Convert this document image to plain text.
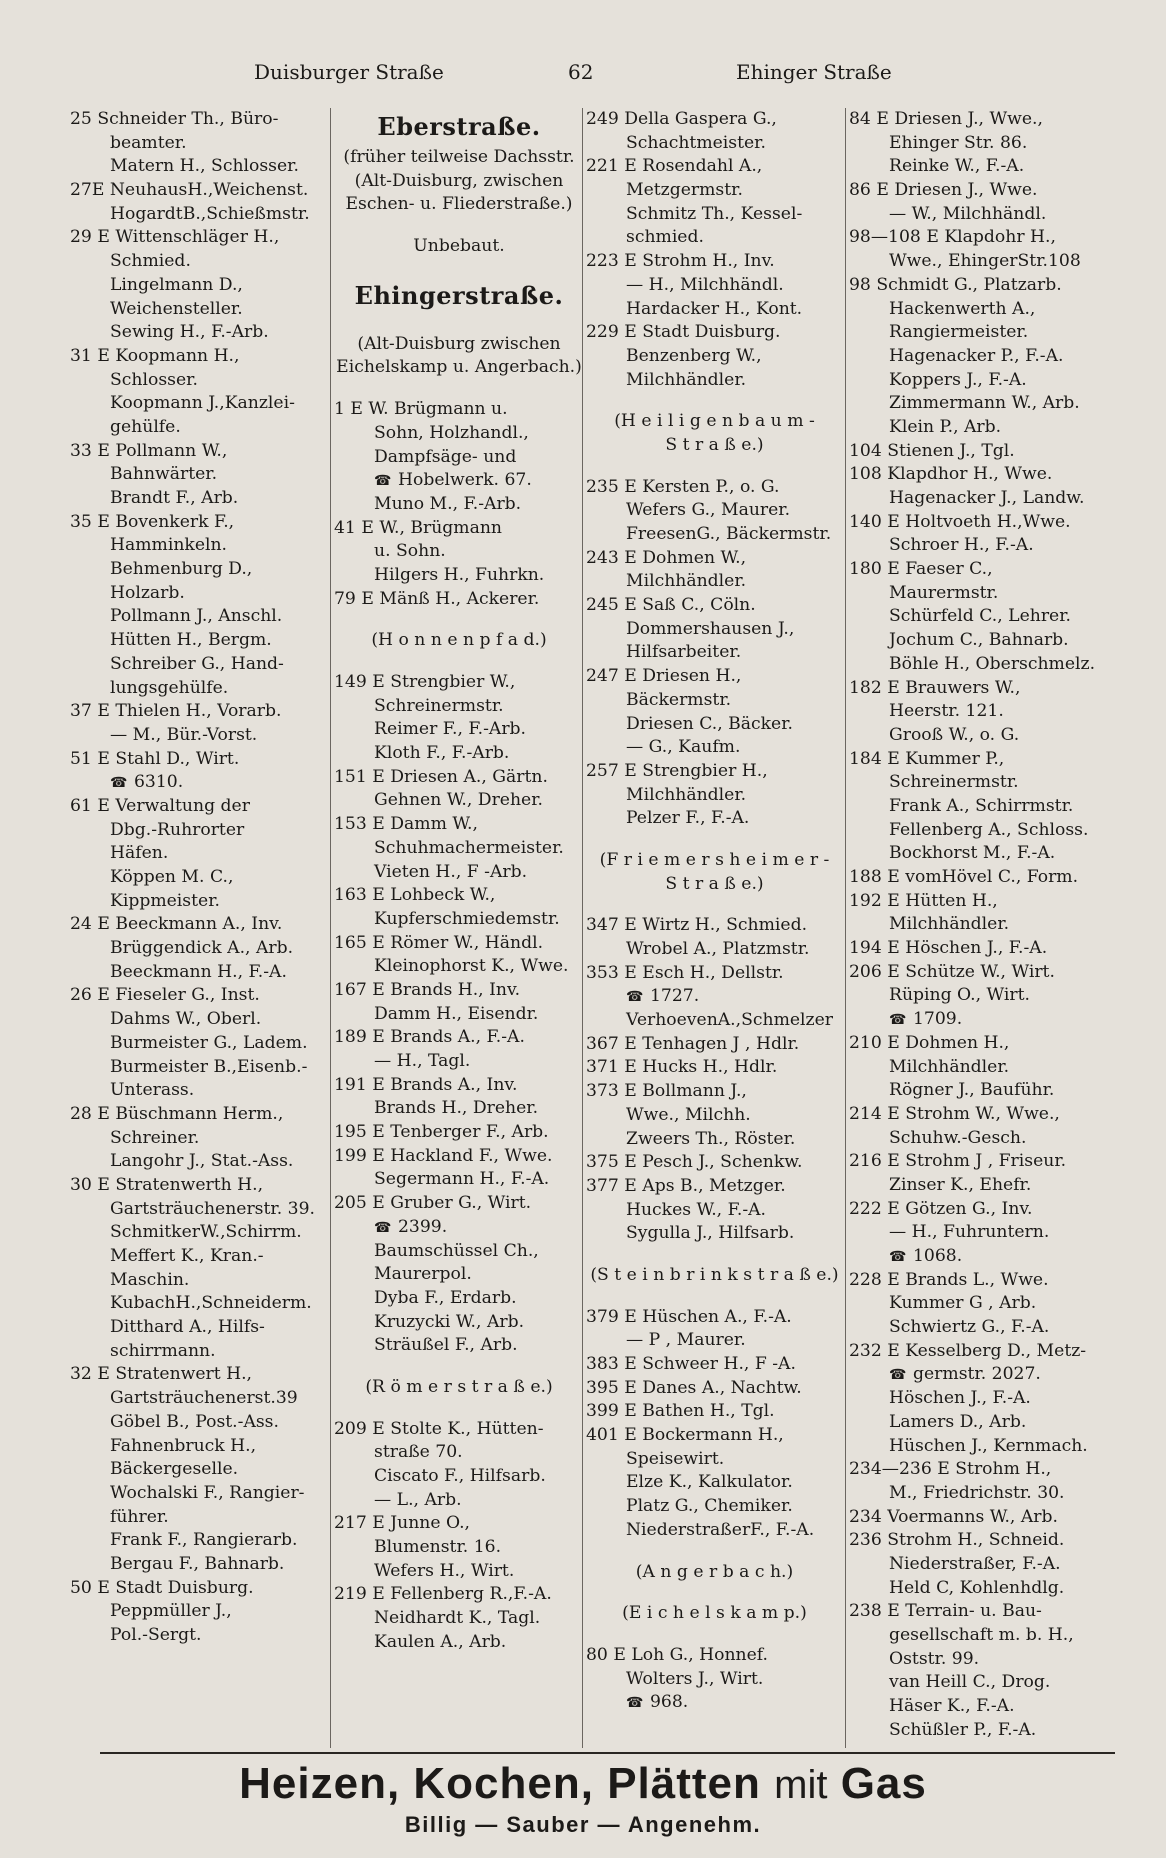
Duisburger Straße	62	Ehinger Straße
25 Schneider Th., Büro-
beamter.
Matern H., Schlosser.
27E NeuhausH.,Weichenst.
HogardtB.,Schießmstr.
29 E Wittenschläger H.,
Schmied.
Lingelmann D.,
Weichensteller.
Sewing H., F.-Arb.
31 E Koopmann H.,
Schlosser.
Koopmann J.,Kanzlei-
gehülfe.
33 E Pollmann W.,
Bahnwärter.
Brandt F., Arb.
35 E Bovenkerk F.,
Hamminkeln.
Behmenburg D.,
Holzarb.
Pollmann J., Anschl.
Hütten H., Bergm.
Schreiber G., Hand-
lungsgehülfe.
37 E Thielen H., Vorarb.
— M., Bür.-Vorst.
51 E Stahl D., Wirt.
☎ 6310.
61 E Verwaltung der
Dbg.-Ruhrorter
Häfen.
Köppen M. C.,
Kippmeister.
24 E Beeckmann A., Inv.
Brüggendick A., Arb.
Beeckmann H., F.-A.
26 E Fieseler G., Inst.
Dahms W., Oberl.
Burmeister G., Ladem.
Burmeister B.,Eisenb.-
Unterass.
28 E Büschmann Herm.,
Schreiner.
Langohr J., Stat.-Ass.
30 E Stratenwerth H.,
Gartsträuchenerstr. 39.
SchmitkerW.,Schirrm.
Meffert K., Kran.-
Maschin.
KubachH.,Schneiderm.
Ditthard A., Hilfs-
schirrmann.
32 E Stratenwert H.,
Gartsträuchenerst.39
Göbel B., Post.-Ass.
Fahnenbruck H.,
Bäckergeselle.
Wochalski F., Rangier-
führer.
Frank F., Rangierarb.
Bergau F., Bahnarb.
50 E Stadt Duisburg.
Peppmüller J.,
Pol.-Sergt.
Eberstraße.
(früher teilweise Dachsstr.
(Alt-Duisburg, zwischen
Eschen- u. Fliederstraße.)
Unbebaut.
Ehingerstraße.
(Alt-Duisburg zwischen
Eichelskamp u. Angerbach.)
1 E W. Brügmann u.
Sohn, Holzhandl.,
Dampfsäge- und
☎ Hobelwerk. 67.
Muno M., F.-Arb.
41 E W., Brügmann
u. Sohn.
Hilgers H., Fuhrkn.
79 E Mänß H., Ackerer.
(H o n n e n p f a d.)
149 E Strengbier W.,
Schreinermstr.
Reimer F., F.-Arb.
Kloth F., F.-Arb.
151 E Driesen A., Gärtn.
Gehnen W., Dreher.
153 E Damm W.,
Schuhmachermeister.
Vieten H., F -Arb.
163 E Lohbeck W.,
Kupferschmiedemstr.
165 E Römer W., Händl.
Kleinophorst K., Wwe.
167 E Brands H., Inv.
Damm H., Eisendr.
189 E Brands A., F.-A.
— H., Tagl.
191 E Brands A., Inv.
Brands H., Dreher.
195 E Tenberger F., Arb.
199 E Hackland F., Wwe.
Segermann H., F.-A.
205 E Gruber G., Wirt.
☎ 2399.
Baumschüssel Ch.,
Maurerpol.
Dyba F., Erdarb.
Kruzycki W., Arb.
Sträußel F., Arb.
(R ö m e r s t r a ß e.)
209 E Stolte K., Hütten-
straße 70.
Ciscato F., Hilfsarb.
— L., Arb.
217 E Junne O.,
Blumenstr. 16.
Wefers H., Wirt.
219 E Fellenberg R.,F.-A.
Neidhardt K., Tagl.
Kaulen A., Arb.
249 Della Gaspera G.,
Schachtmeister.
221 E Rosendahl A.,
Metzgermstr.
Schmitz Th., Kessel-
schmied.
223 E Strohm H., Inv.
— H., Milchhändl.
Hardacker H., Kont.
229 E Stadt Duisburg.
Benzenberg W.,
Milchhändler.
(H e i l i g e n b a u m -
S t r a ß e.)
235 E Kersten P., o. G.
Wefers G., Maurer.
FreesenG., Bäckermstr.
243 E Dohmen W.,
Milchhändler.
245 E Saß C., Cöln.
Dommershausen J.,
Hilfsarbeiter.
247 E Driesen H.,
Bäckermstr.
Driesen C., Bäcker.
— G., Kaufm.
257 E Strengbier H.,
Milchhändler.
Pelzer F., F.-A.
(F r i e m e r s h e i m e r -
S t r a ß e.)
347 E Wirtz H., Schmied.
Wrobel A., Platzmstr.
353 E Esch H., Dellstr.
☎ 1727.
VerhoevenA.,Schmelzer
367 E Tenhagen J , Hdlr.
371 E Hucks H., Hdlr.
373 E Bollmann J.,
Wwe., Milchh.
Zweers Th., Röster.
375 E Pesch J., Schenkw.
377 E Aps B., Metzger.
Huckes W., F.-A.
Sygulla J., Hilfsarb.
(S t e i n b r i n k s t r a ß e.)
379 E Hüschen A., F.-A.
— P , Maurer.
383 E Schweer H., F -A.
395 E Danes A., Nachtw.
399 E Bathen H., Tgl.
401 E Bockermann H.,
Speisewirt.
Elze K., Kalkulator.
Platz G., Chemiker.
NiederstraßerF., F.-A.
(A n g e r b a c h.)
(E i c h e l s k a m p.)
80 E Loh G., Honnef.
Wolters J., Wirt.
☎ 968.
84 E Driesen J., Wwe.,
Ehinger Str. 86.
Reinke W., F.-A.
86 E Driesen J., Wwe.
— W., Milchhändl.
98—108 E Klapdohr H.,
Wwe., EhingerStr.108
98 Schmidt G., Platzarb.
Hackenwerth A.,
Rangiermeister.
Hagenacker P., F.-A.
Koppers J., F.-A.
Zimmermann W., Arb.
Klein P., Arb.
104 Stienen J., Tgl.
108 Klapdhor H., Wwe.
Hagenacker J., Landw.
140 E Holtvoeth H.,Wwe.
Schroer H., F.-A.
180 E Faeser C.,
Maurermstr.
Schürfeld C., Lehrer.
Jochum C., Bahnarb.
Böhle H., Oberschmelz.
182 E Brauwers W.,
Heerstr. 121.
Grooß W., o. G.
184 E Kummer P.,
Schreinermstr.
Frank A., Schirrmstr.
Fellenberg A., Schloss.
Bockhorst M., F.-A.
188 E vomHövel C., Form.
192 E Hütten H.,
Milchhändler.
194 E Höschen J., F.-A.
206 E Schütze W., Wirt.
Rüping O., Wirt.
☎ 1709.
210 E Dohmen H.,
Milchhändler.
Rögner J., Bauführ.
214 E Strohm W., Wwe.,
Schuhw.-Gesch.
216 E Strohm J , Friseur.
Zinser K., Ehefr.
222 E Götzen G., Inv.
— H., Fuhruntern.
☎ 1068.
228 E Brands L., Wwe.
Kummer G , Arb.
Schwiertz G., F.-A.
232 E Kesselberg D., Metz-
☎ germstr. 2027.
Höschen J., F.-A.
Lamers D., Arb.
Hüschen J., Kernmach.
234—236 E Strohm H.,
M., Friedrichstr. 30.
234 Voermanns W., Arb.
236 Strohm H., Schneid.
Niederstraßer, F.-A.
Held C, Kohlenhdlg.
238 E Terrain- u. Bau-
gesellschaft m. b. H.,
Oststr. 99.
van Heill C., Drog.
Häser K., F.-A.
Schüßler P., F.-A.
Heizen, Kochen, Plätten mit Gas
Billig — Sauber — Angenehm.
